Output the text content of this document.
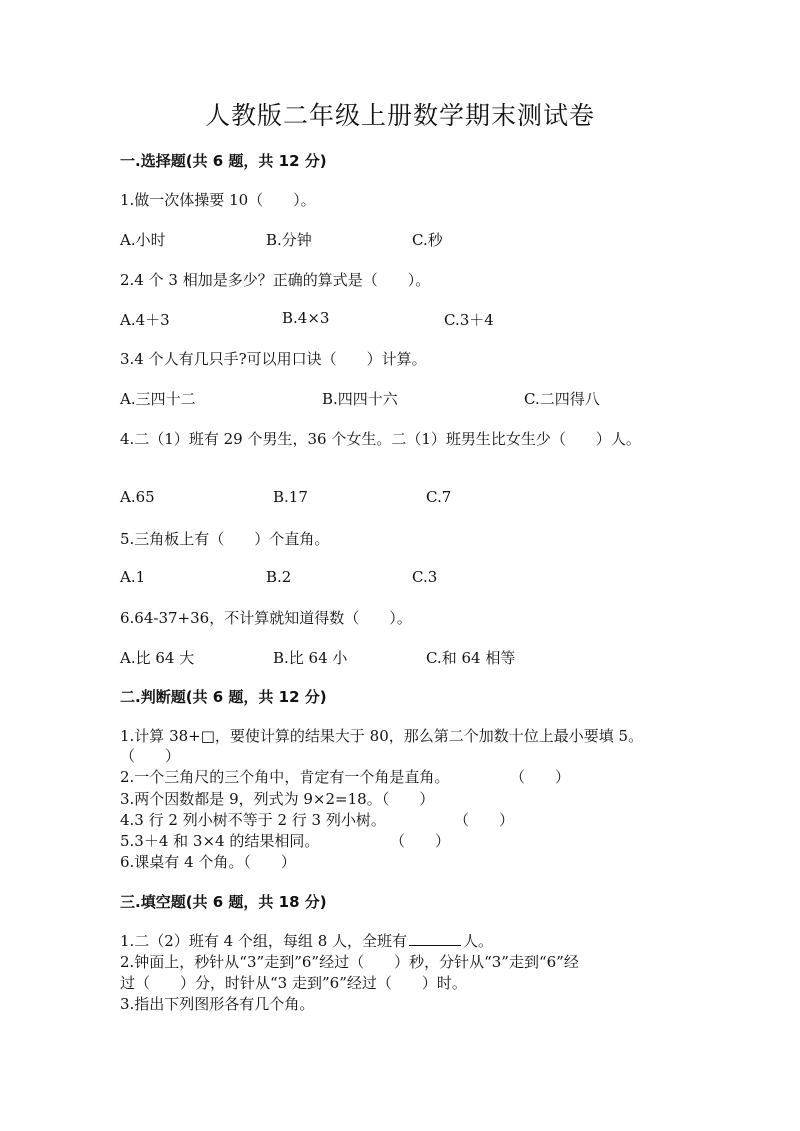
人教版二年级上册数学期末测试卷
一.选择题(共 6 题，共 12 分)
1.做一次体操要 10（　　）。
A.小时	B.分钟	C.秒
2.4 个 3 相加是多少？正确的算式是（　　）。
A.4＋3	B.4×3	C.3＋4
3.4 个人有几只手?可以用口诀（　　）计算。
A.三四十二	B.四四十六	C.二四得八
4.二（1）班有 29 个男生，36 个女生。二（1）班男生比女生少（　　）人。
A.65	B.17	C.7
5.三角板上有（　　）个直角。
A.1	B.2	C.3
6.64-37+36，不计算就知道得数（　　）。
A.比 64 大	B.比 64 小	C.和 64 相等
二.判断题(共 6 题，共 12 分)
1.计算 38+□，要使计算的结果大于 80，那么第二个加数十位上最小要填 5。
（　　）
2.一个三角尺的三个角中，肯定有一个角是直角。	（　　）
3.两个因数都是 9，列式为 9×2=18。（　　）
4.3 行 2 列小树不等于 2 行 3 列小树。	（　　）
5.3＋4 和 3×4 的结果相同。	（　　）
6.课桌有 4 个角。（　　）
三.填空题(共 6 题，共 18 分)
1.二（2）班有 4 个组，每组 8 人，全班有	人。
2.钟面上，秒针从“3”走到”6”经过（　　）秒，分针从“3”走到“6”经
过（　　）分，时针从“3 走到”6”经过（　　）时。
3.指出下列图形各有几个角。
